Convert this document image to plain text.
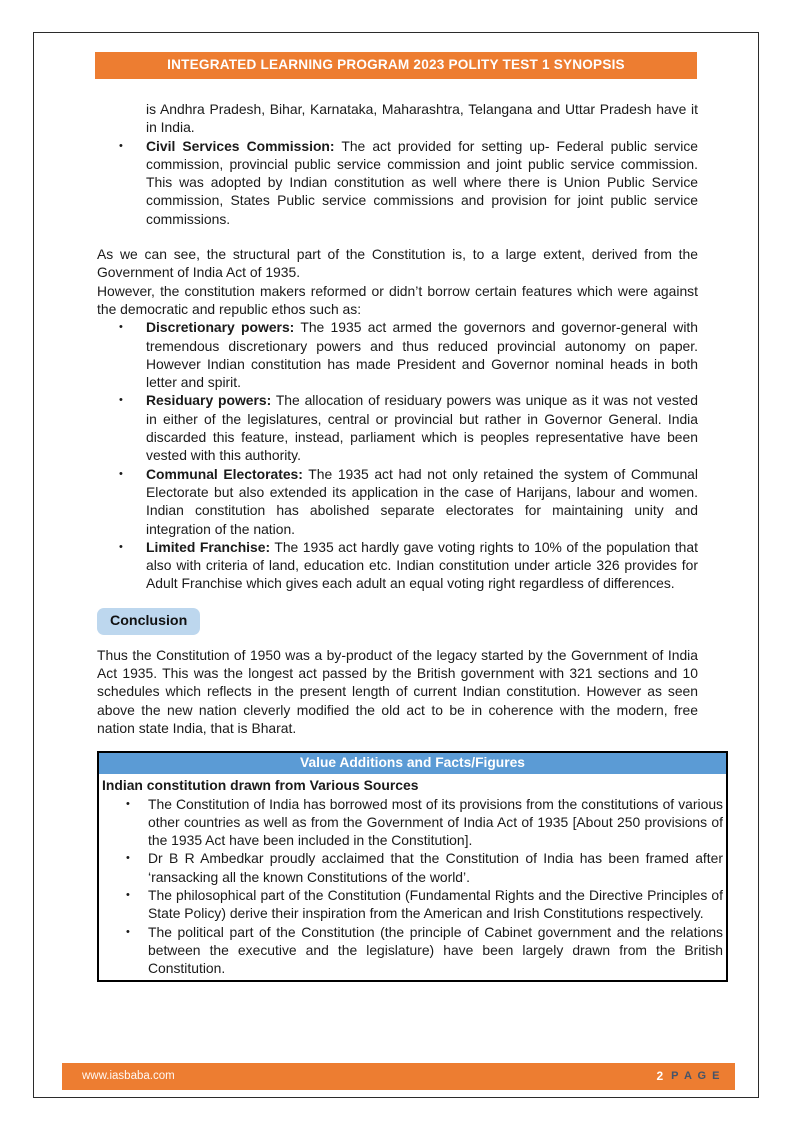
INTEGRATED LEARNING PROGRAM 2023 POLITY TEST 1 SYNOPSIS

is Andhra Pradesh, Bihar, Karnataka, Maharashtra, Telangana and Uttar Pradesh have it in India.

•	Civil Services Commission: The act provided for setting up- Federal public service commission, provincial public service commission and joint public service commission. This was adopted by Indian constitution as well where there is Union Public Service commission, States Public service commissions and provision for joint public service commissions.

As we can see, the structural part of the Constitution is, to a large extent, derived from the Government of India Act of 1935.

However, the constitution makers reformed or didn’t borrow certain features which were against the democratic and republic ethos such as:

•	Discretionary powers: The 1935 act armed the governors and governor-general with tremendous discretionary powers and thus reduced provincial autonomy on paper. However Indian constitution has made President and Governor nominal heads in both letter and spirit.

•	Residuary powers: The allocation of residuary powers was unique as it was not vested in either of the legislatures, central or provincial but rather in Governor General. India discarded this feature, instead, parliament which is peoples representative have been vested with this authority.

•	Communal Electorates: The 1935 act had not only retained the system of Communal Electorate but also extended its application in the case of Harijans, labour and women. Indian constitution has abolished separate electorates for maintaining unity and integration of the nation.

•	Limited Franchise: The 1935 act hardly gave voting rights to 10% of the population that also with criteria of land, education etc. Indian constitution under article 326 provides for Adult Franchise which gives each adult an equal voting right regardless of differences.

Conclusion

Thus the Constitution of 1950 was a by-product of the legacy started by the Government of India Act 1935. This was the longest act passed by the British government with 321 sections and 10 schedules which reflects in the present length of current Indian constitution. However as seen above the new nation cleverly modified the old act to be in coherence with the modern, free nation state India, that is Bharat.

Value Additions and Facts/Figures

Indian constitution drawn from Various Sources

•	The Constitution of India has borrowed most of its provisions from the constitutions of various other countries as well as from the Government of India Act of 1935 [About 250 provisions of the 1935 Act have been included in the Constitution].

•	Dr B R Ambedkar proudly acclaimed that the Constitution of India has been framed after ‘ransacking all the known Constitutions of the world’.

•	The philosophical part of the Constitution (Fundamental Rights and the Directive Principles of State Policy) derive their inspiration from the American and Irish Constitutions respectively.

•	The political part of the Constitution (the principle of Cabinet government and the relations between the executive and the legislature) have been largely drawn from the British Constitution.

www.iasbaba.com	2 P A G E
